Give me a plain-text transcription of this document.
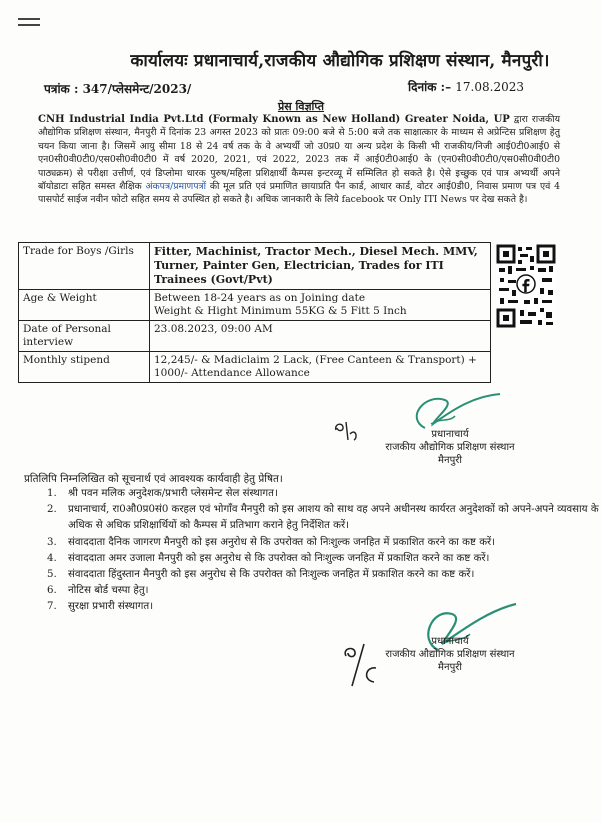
कार्यालयः प्रधानाचार्य,राजकीय औद्योगिक प्रशिक्षण संस्थान, मैनपुरी।
पत्रांक : 347/प्लेसमेन्ट/2023/	दिनांक :– 17.08.2023
प्रेस विज्ञप्ति
CNH Industrial India Pvt.Ltd (Formaly Known as New Holland) Greater Noida, UP द्वारा राजकीय औद्योगिक प्रशिक्षण संस्थान, मैनपुरी में दिनांक 23 अगस्त 2023 को प्रातः 09:00 बजे से 5:00 बजे तक साक्षात्कार के माध्यम से अप्रेन्टिस प्रशिक्षण हेतु चयन किया जाना है। जिसमें आयु सीमा 18 से 24 वर्ष तक के वे अभ्यर्थी जो उ0प्र0 या अन्य प्रदेश के किसी भी राजकीय/निजी आई0टी0आई0 से एन0सी0वी0टी0/एस0सी0वी0टी0 में वर्ष 2020, 2021, एवं 2022, 2023 तक में आई0टी0आई0 के (एन0सी0वी0टी0/एस0सी0वी0टी0 पाठ्यक्रम) से परीक्षा उत्तीर्ण, एवं डिप्लोमा धारक पुरुष/महिला प्रशिक्षार्थी कैम्पस इन्टरव्यू में सम्मिलित हो सकते है। ऐसे इच्छुक एवं पात्र अभ्यर्थी अपने बॉयोडाटा सहित समस्त शैक्षिक अंकपत्र/प्रमाणपत्रों की मूल प्रति एवं प्रमाणित छायाप्रति पैन कार्ड, आधार कार्ड, वोटर आई0डी0, निवास प्रमाण पत्र एवं 4 पासपोर्ट साईज नवीन फोटो सहित समय से उपस्थित हो सकते है। अधिक जानकारी के लिये facebook पर Only ITI News पर देख सकते है।
Trade for Boys /Girls	Fitter, Machinist, Tractor Mech., Diesel Mech. MMV, Turner, Painter Gen, Electrician, Trades for ITI Trainees (Govt/Pvt)
Age & Weight	Between 18-24 years as on Joining date
Weight & Hight Minimum 55KG & 5 Fitt 5 Inch

Date of Personal interview	23.08.2023, 09:00 AM
Monthly stipend	12,245/- & Madiclaim 2 Lack, (Free Canteen & Transport) + 1000/- Attendance Allowance
प्रधानाचार्य
राजकीय औद्योगिक प्रशिक्षण संस्थान
मैनपुरी
प्रतिलिपि निम्नलिखित को सूचनार्थ एवं आवश्यक कार्यवाही हेतु प्रेषित।
1. श्री पवन मलिक अनुदेशक/प्रभारी प्लेसमेन्ट सेल संस्थागत।
2. प्रधानाचार्य, रा0औ0प्र0सं0 करहल एवं भोगाँव मैनपुरी को इस आशय को साथ वह अपने अधीनस्थ कार्यरत अनुदेशकों को अपने-अपने व्यवसाय के अधिक से अधिक प्रशिक्षार्थियों को कैम्पस में प्रतिभाग कराने हेतु निर्देशित करें।
3. संवाददाता दैनिक जागरण मैनपुरी को इस अनुरोध से कि उपरोक्त को निःशुल्क जनहित में प्रकाशित करने का कष्ट करें।
4. संवाददाता अमर उजाला मैनपुरी को इस अनुरोध से कि उपरोक्त को निःशुल्क जनहित में प्रकाशित करने का कष्ट करें।
5. संवाददाता हिंदुस्तान मैनपुरी को इस अनुरोध से कि उपरोक्त को निःशुल्क जनहित में प्रकाशित करने का कष्ट करें।
6. नोटिस बोर्ड चस्पा हेतु।
7. सुरक्षा प्रभारी संस्थागत।
प्रधानाचार्य
राजकीय औद्योगिक प्रशिक्षण संस्थान
मैनपुरी
